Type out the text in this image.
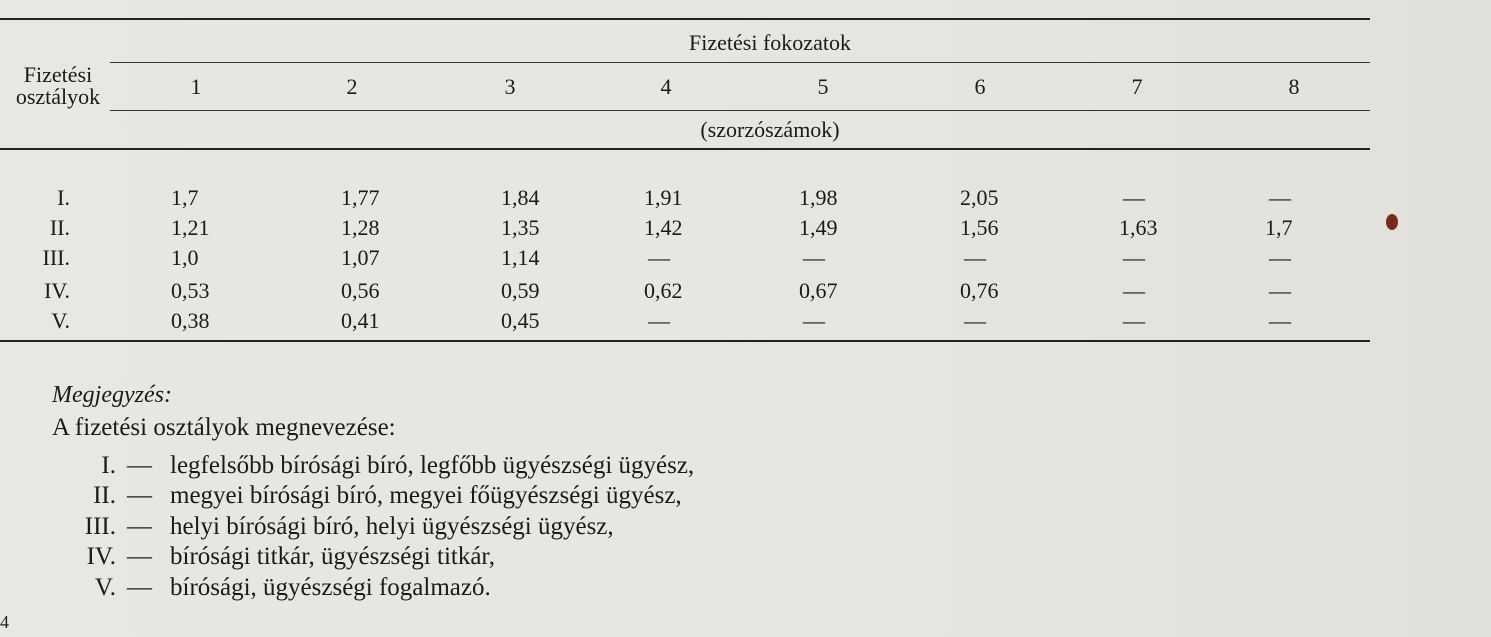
Fizetési fokozatok
Fizetési
osztályok	1	2	3	4	5	6	7	8
(szorzószámok)
I.	1,7	1,77	1,84	1,91	1,98	2,05	—	—
II.	1,21	1,28	1,35	1,42	1,49	1,56	1,63	1,7
III.	1,0	1,07	1,14	—	—	—	—	—
IV.	0,53	0,56	0,59	0,62	0,67	0,76	—	—
V.	0,38	0,41	0,45	—	—	—	—	—
Megjegyzés:
A fizetési osztályok megnevezése:
I. — legfelsőbb bírósági bíró, legfőbb ügyészségi ügyész,
II. — megyei bírósági bíró, megyei főügyészségi ügyész,
III. — helyi bírósági bíró, helyi ügyészségi ügyész,
IV. — bírósági titkár, ügyészségi titkár,
V. — bírósági, ügyészségi fogalmazó.
4
